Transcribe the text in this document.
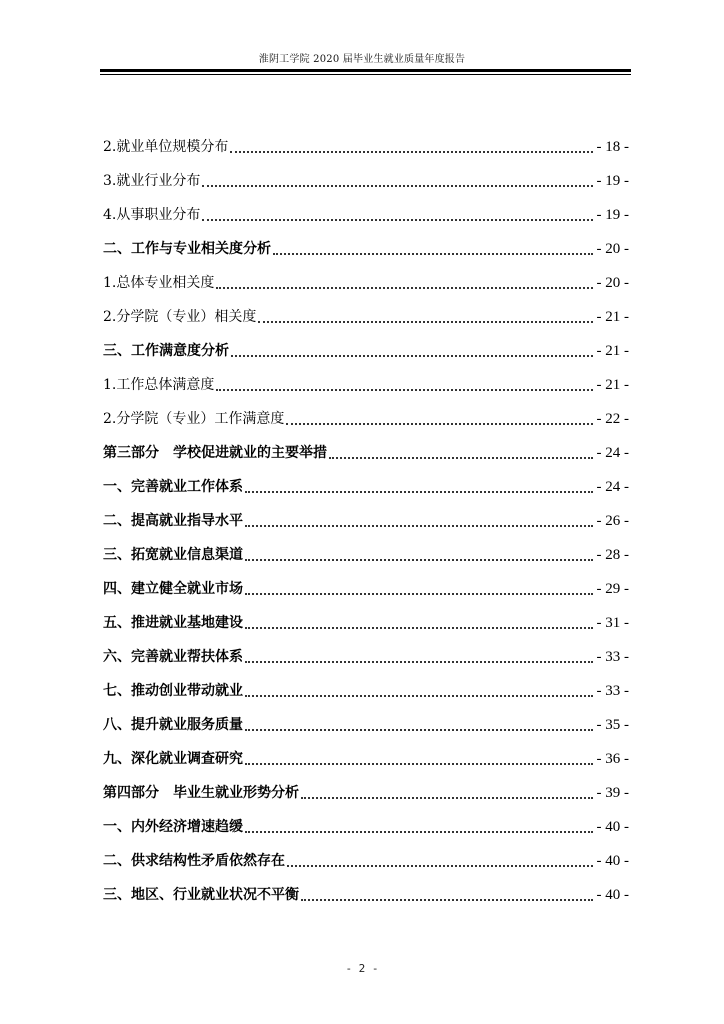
淮阴工学院 2020 届毕业生就业质量年度报告
2.就业单位规模分布	- 18 -
3.就业行业分布	- 19 -
4.从事职业分布	- 19 -
二、工作与专业相关度分析	- 20 -
1.总体专业相关度	- 20 -
2.分学院（专业）相关度	- 21 -
三、工作满意度分析	- 21 -
1.工作总体满意度	- 21 -
2.分学院（专业）工作满意度	- 22 -
第三部分　学校促进就业的主要举措	- 24 -
一、完善就业工作体系	- 24 -
二、提高就业指导水平	- 26 -
三、拓宽就业信息渠道	- 28 -
四、建立健全就业市场	- 29 -
五、推进就业基地建设	- 31 -
六、完善就业帮扶体系	- 33 -
七、推动创业带动就业	- 33 -
八、提升就业服务质量	- 35 -
九、深化就业调查研究	- 36 -
第四部分　毕业生就业形势分析	- 39 -
一、内外经济增速趋缓	- 40 -
二、供求结构性矛盾依然存在	- 40 -
三、地区、行业就业状况不平衡	- 40 -
- 2 -
